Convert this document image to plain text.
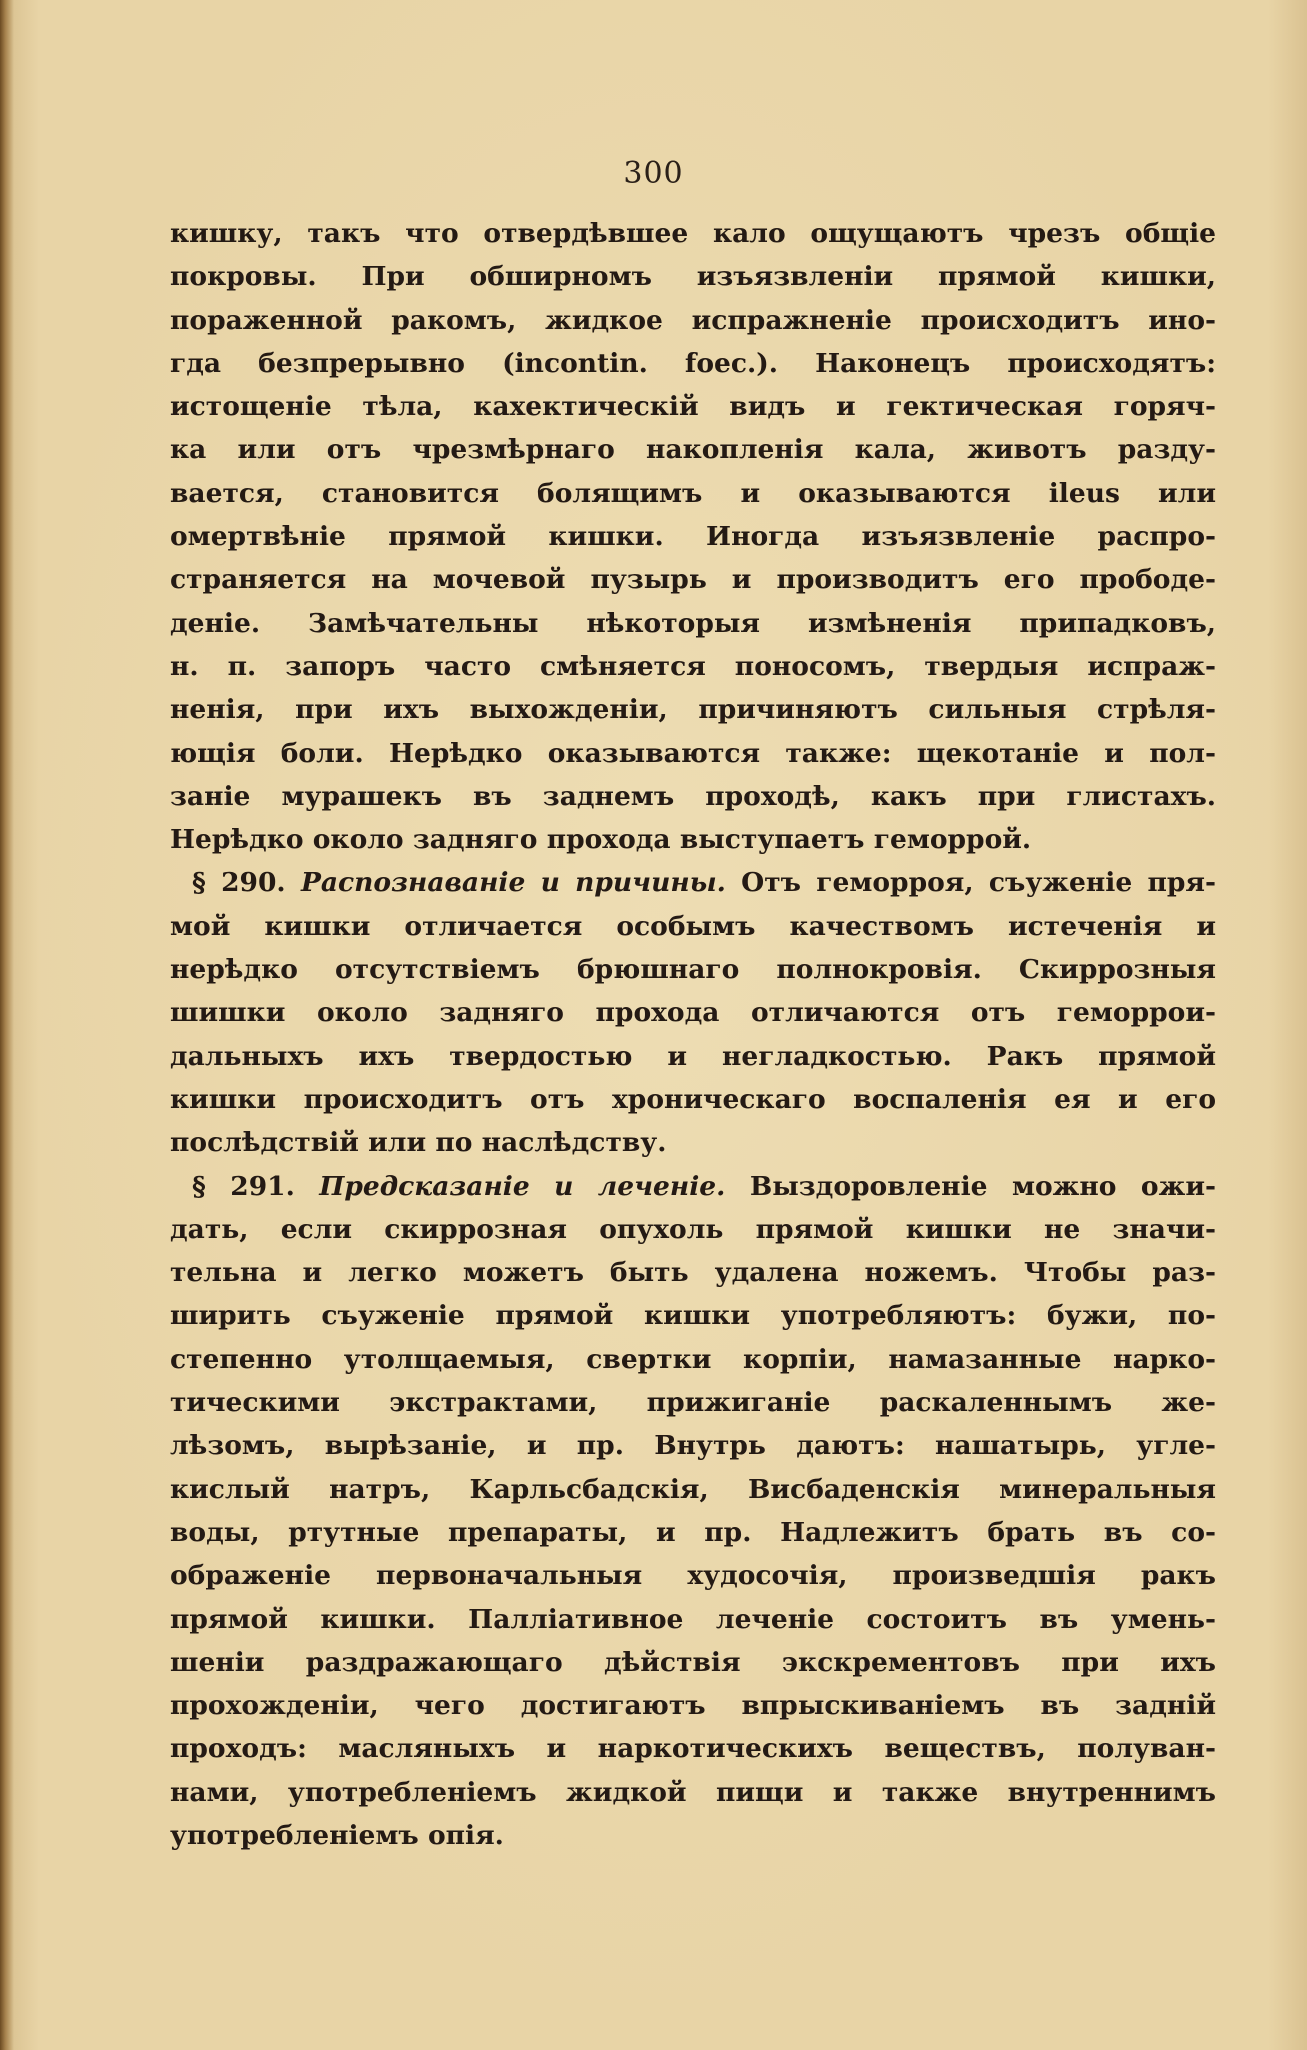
300
кишку, такъ что отвердѣвшее кало ощущаютъ чрезъ общіе
покровы. При обширномъ изъязвленіи прямой кишки,
пораженной ракомъ, жидкое испражненіе происходитъ ино-
гда безпрерывно (incontin. foec.). Наконецъ происходятъ:
истощеніе тѣла, кахектическій видъ и гектическая горяч-
ка или отъ чрезмѣрнаго накопленія кала, животъ разду-
вается, становится болящимъ и оказываются ileus или
омертвѣніе прямой кишки. Иногда изъязвленіе распро-
страняется на мочевой пузырь и производитъ его прободе-
деніе. Замѣчательны нѣкоторыя измѣненія припадковъ,
н. п. запоръ часто смѣняется поносомъ, твердыя испраж-
ненія, при ихъ выхожденіи, причиняютъ сильныя стрѣля-
ющія боли. Нерѣдко оказываются также: щекотаніе и пол-
заніе мурашекъ въ заднемъ проходѣ, какъ при глистахъ.
Нерѣдко около задняго прохода выступаетъ геморрой.
§ 290. Распознаваніе и причины. Отъ геморроя, съуженіе пря-
мой кишки отличается особымъ качествомъ истеченія и
нерѣдко отсутствіемъ брюшнаго полнокровія. Скиррозныя
шишки около задняго прохода отличаются отъ геморрои-
дальныхъ ихъ твердостью и негладкостью. Ракъ прямой
кишки происходитъ отъ хроническаго воспаленія ея и его
послѣдствій или по наслѣдству.
§ 291. Предсказаніе и леченіе. Выздоровленіе можно ожи-
дать, если скиррозная опухоль прямой кишки не значи-
тельна и легко можетъ быть удалена ножемъ. Чтобы раз-
ширить съуженіе прямой кишки употребляютъ: бужи, по-
степенно утолщаемыя, свертки корпіи, намазанные нарко-
тическими экстрактами, прижиганіе раскаленнымъ же-
лѣзомъ, вырѣзаніе, и пр. Внутрь даютъ: нашатырь, угле-
кислый натръ, Карльсбадскія, Висбаденскія минеральныя
воды, ртутные препараты, и пр. Надлежитъ брать въ со-
ображеніе первоначальныя худосочія, произведшія ракъ
прямой кишки. Палліативное леченіе состоитъ въ умень-
шеніи раздражающаго дѣйствія экскрементовъ при ихъ
прохожденіи, чего достигаютъ впрыскиваніемъ въ задній
проходъ: масляныхъ и наркотическихъ веществъ, полуван-
нами, употребленіемъ жидкой пищи и также внутреннимъ
употребленіемъ опія.
